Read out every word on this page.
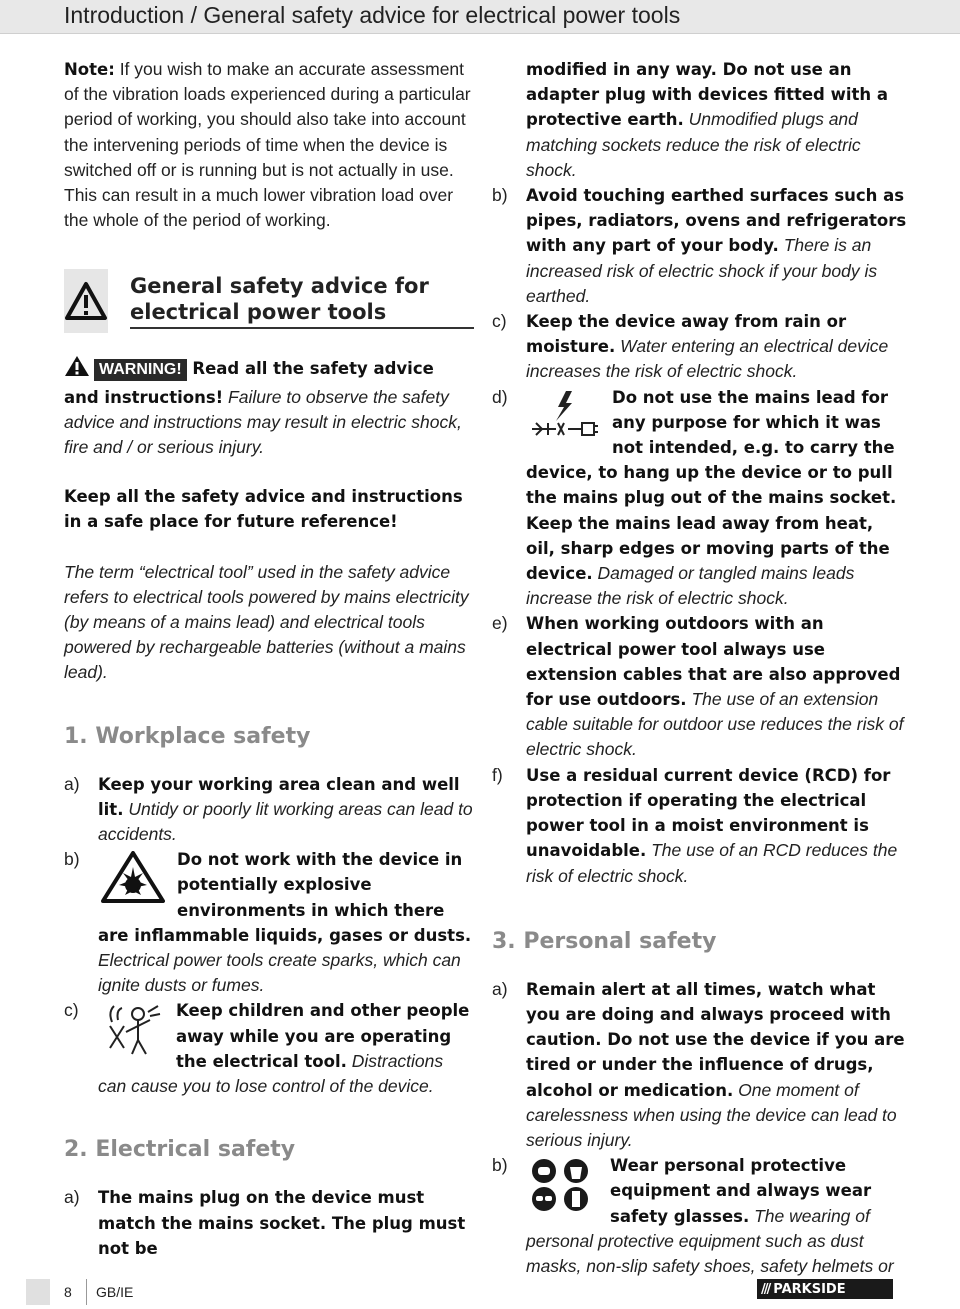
Introduction / General safety advice for electrical power tools

Note: If you wish to make an accurate assessment of the vibration loads experienced during a particular period of working, you should also take into account the intervening periods of time when the device is switched off or is running but is not actually in use. This can result in a much lower vibration load over the whole of the period of working.

General safety advice for electrical power tools

WARNING! Read all the safety advice and instructions! Failure to observe the safety advice and instructions may result in electric shock, fire and / or serious injury.

Keep all the safety advice and instructions in a safe place for future reference!

The term “electrical tool” used in the safety advice refers to electrical tools powered by mains electricity (by means of a mains lead) and electrical tools powered by rechargeable batteries (without a mains lead).

1. Workplace safety
a)	Keep your working area clean and well lit. Untidy or poorly lit working areas can lead to accidents.
b)	Do not work with the device in potentially explosive environments in which there are inflammable liquids, gases or dusts. Electrical power tools create sparks, which can ignite dusts or fumes.
c)	Keep children and other people away while you are operating the electrical tool. Distractions can cause you to lose control of the device.
2. Electrical safety
a)	The mains plug on the device must match the mains socket. The plug must not be
modified in any way. Do not use an adapter plug with devices fitted with a protective earth. Unmodified plugs and matching sockets reduce the risk of electric shock.
b)	Avoid touching earthed surfaces such as pipes, radiators, ovens and refrigerators with any part of your body. There is an increased risk of electric shock if your body is earthed.
c)	Keep the device away from rain or moisture. Water entering an electrical device increases the risk of electric shock.
d)	Do not use the mains lead for any purpose for which it was not intended, e.g. to carry the device, to hang up the device or to pull the mains plug out of the mains socket. Keep the mains lead away from heat, oil, sharp edges or moving parts of the device. Damaged or tangled mains leads increase the risk of electric shock.
e)	When working outdoors with an electrical power tool always use extension cables that are also approved for use outdoors. The use of an extension cable suitable for outdoor use reduces the risk of electric shock.
f)	Use a residual current device (RCD) for protection if operating the electrical power tool in a moist environment is unavoidable. The use of an RCD reduces the risk of electric shock.
3. Personal safety
a)	Remain alert at all times, watch what you are doing and always proceed with caution. Do not use the device if you are tired or under the influence of drugs, alcohol or medication. One moment of carelessness when using the device can lead to serious injury.
b)	Wear personal protective equipment and always wear safety glasses. The wearing of personal protective equipment such as dust masks, non-slip safety shoes, safety helmets or
8 GB/IE	/// PARKSIDE
